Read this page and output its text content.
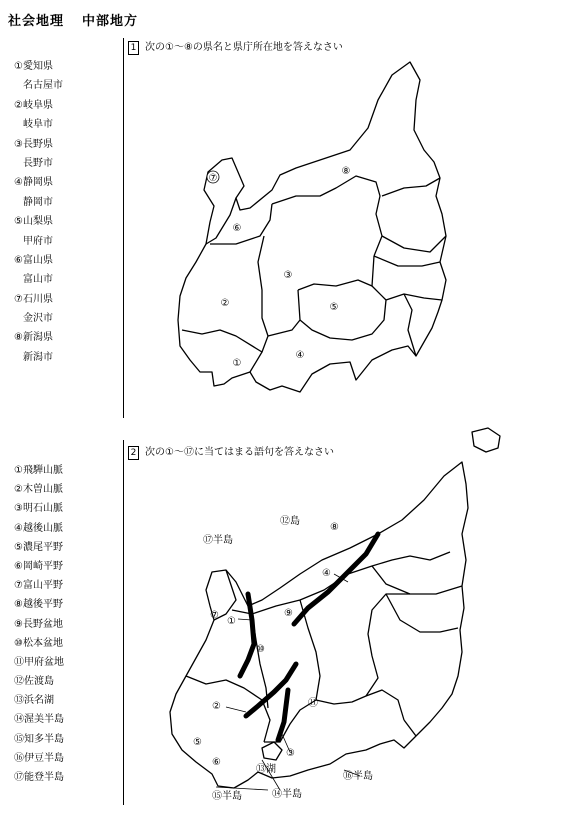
社会地理 中部地方
1 次の①～⑧の県名と県庁所在地を答えなさい
①愛知県
名古屋市
②岐阜県
岐阜市
③長野県
長野市
④静岡県
静岡市
⑤山梨県
甲府市
⑥富山県
富山市
⑦石川県
金沢市
⑧新潟県
新潟市
2 次の①～⑰に当てはまる語句を答えなさい
①飛騨山脈
②木曽山脈
③明石山脈
④越後山脈
⑤濃尾平野
⑥岡崎平野
⑦富山平野
⑧越後平野
⑨長野盆地
⑩松本盆地
⑪甲府盆地
⑫佐渡島
⑬浜名湖
⑭渥美半島
⑮知多半島
⑯伊豆半島
⑰能登半島
⑦
⑧
⑥
③
②	⑤
①
④
⑰半島
⑫島
⑧
④
⑦
①
⑨
⑩
②	⑪
⑤
⑥
③
⑬湖
⑯半島
⑮半島	⑭半島
